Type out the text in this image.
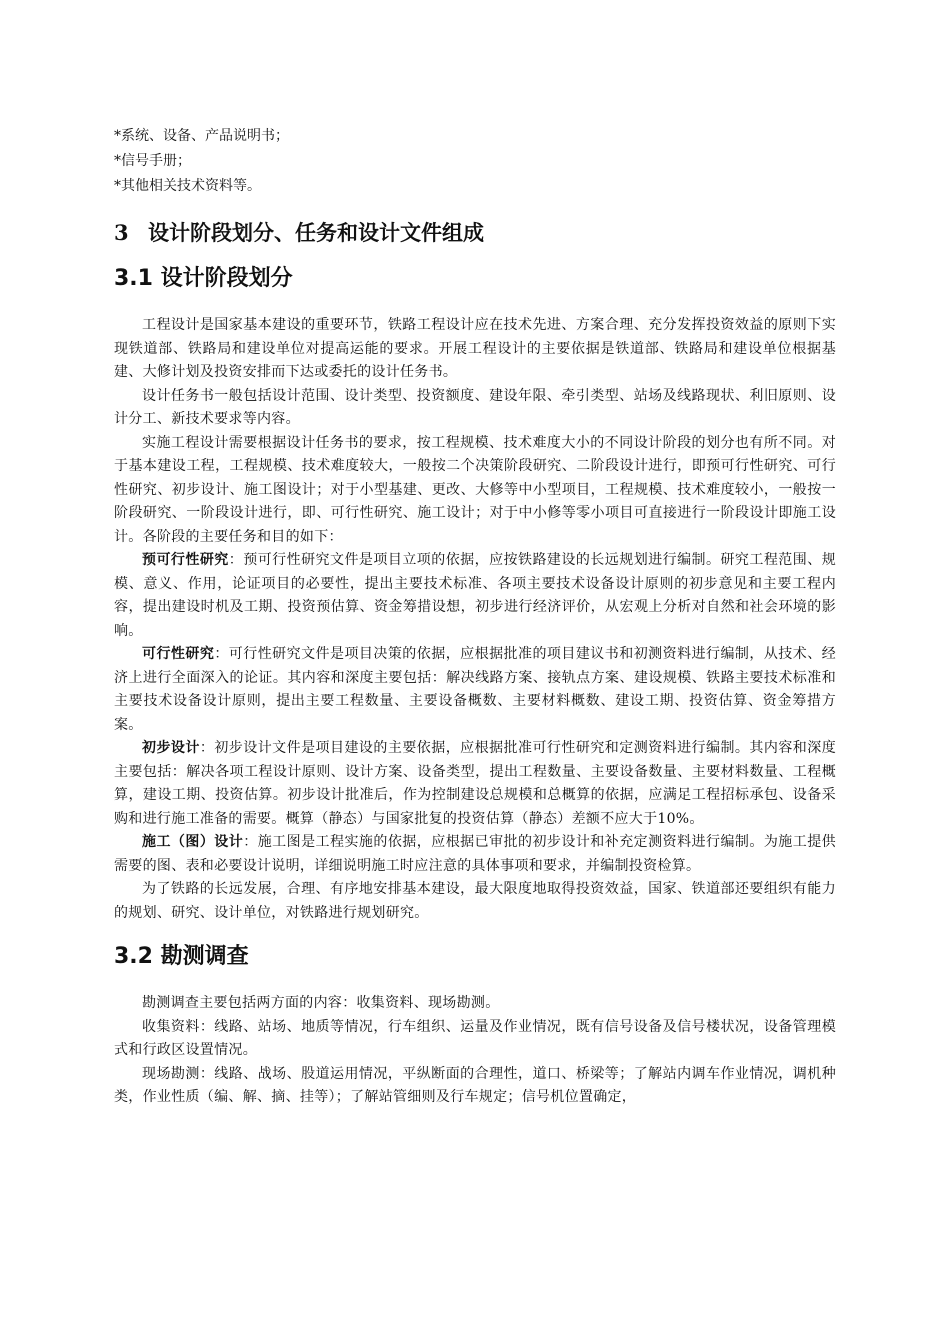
*系统、设备、产品说明书；

*信号手册；

*其他相关技术资料等。

3 设计阶段划分、任务和设计文件组成
3.1 设计阶段划分

工程设计是国家基本建设的重要环节，铁路工程设计应在技术先进、方案合理、充分发挥投资效益的原则下实现铁道部、铁路局和建设单位对提高运能的要求。开展工程设计的主要依据是铁道部、铁路局和建设单位根据基建、大修计划及投资安排而下达或委托的设计任务书。

设计任务书一般包括设计范围、设计类型、投资额度、建设年限、牵引类型、站场及线路现状、利旧原则、设计分工、新技术要求等内容。

实施工程设计需要根据设计任务书的要求，按工程规模、技术难度大小的不同设计阶段的划分也有所不同。对于基本建设工程，工程规模、技术难度较大，一般按二个决策阶段研究、二阶段设计进行，即预可行性研究、可行性研究、初步设计、施工图设计；对于小型基建、更改、大修等中小型项目，工程规模、技术难度较小，一般按一阶段研究、一阶段设计进行，即、可行性研究、施工设计；对于中小修等零小项目可直接进行一阶段设计即施工设计。各阶段的主要任务和目的如下：

预可行性研究：预可行性研究文件是项目立项的依据，应按铁路建设的长远规划进行编制。研究工程范围、规模、意义、作用，论证项目的必要性，提出主要技术标准、各项主要技术设备设计原则的初步意见和主要工程内容，提出建设时机及工期、投资预估算、资金筹措设想，初步进行经济评价，从宏观上分析对自然和社会环境的影响。

可行性研究：可行性研究文件是项目决策的依据，应根据批准的项目建议书和初测资料进行编制，从技术、经济上进行全面深入的论证。其内容和深度主要包括：解决线路方案、接轨点方案、建设规模、铁路主要技术标准和主要技术设备设计原则，提出主要工程数量、主要设备概数、主要材料概数、建设工期、投资估算、资金筹措方案。

初步设计：初步设计文件是项目建设的主要依据，应根据批准可行性研究和定测资料进行编制。其内容和深度主要包括：解决各项工程设计原则、设计方案、设备类型，提出工程数量、主要设备数量、主要材料数量、工程概算，建设工期、投资估算。初步设计批准后，作为控制建设总规模和总概算的依据，应满足工程招标承包、设备采购和进行施工准备的需要。概算（静态）与国家批复的投资估算（静态）差额不应大于10%。

施工（图）设计：施工图是工程实施的依据，应根据已审批的初步设计和补充定测资料进行编制。为施工提供需要的图、表和必要设计说明，详细说明施工时应注意的具体事项和要求，并编制投资检算。

为了铁路的长远发展，合理、有序地安排基本建设，最大限度地取得投资效益，国家、铁道部还要组织有能力的规划、研究、设计单位，对铁路进行规划研究。

3.2 勘测调查

勘测调查主要包括两方面的内容：收集资料、现场勘测。

收集资料：线路、站场、地质等情况，行车组织、运量及作业情况，既有信号设备及信号楼状况，设备管理模式和行政区设置情况。

现场勘测：线路、战场、股道运用情况，平纵断面的合理性，道口、桥梁等；了解站内调车作业情况，调机种类，作业性质（编、解、摘、挂等）；了解站管细则及行车规定；信号机位置确定，
